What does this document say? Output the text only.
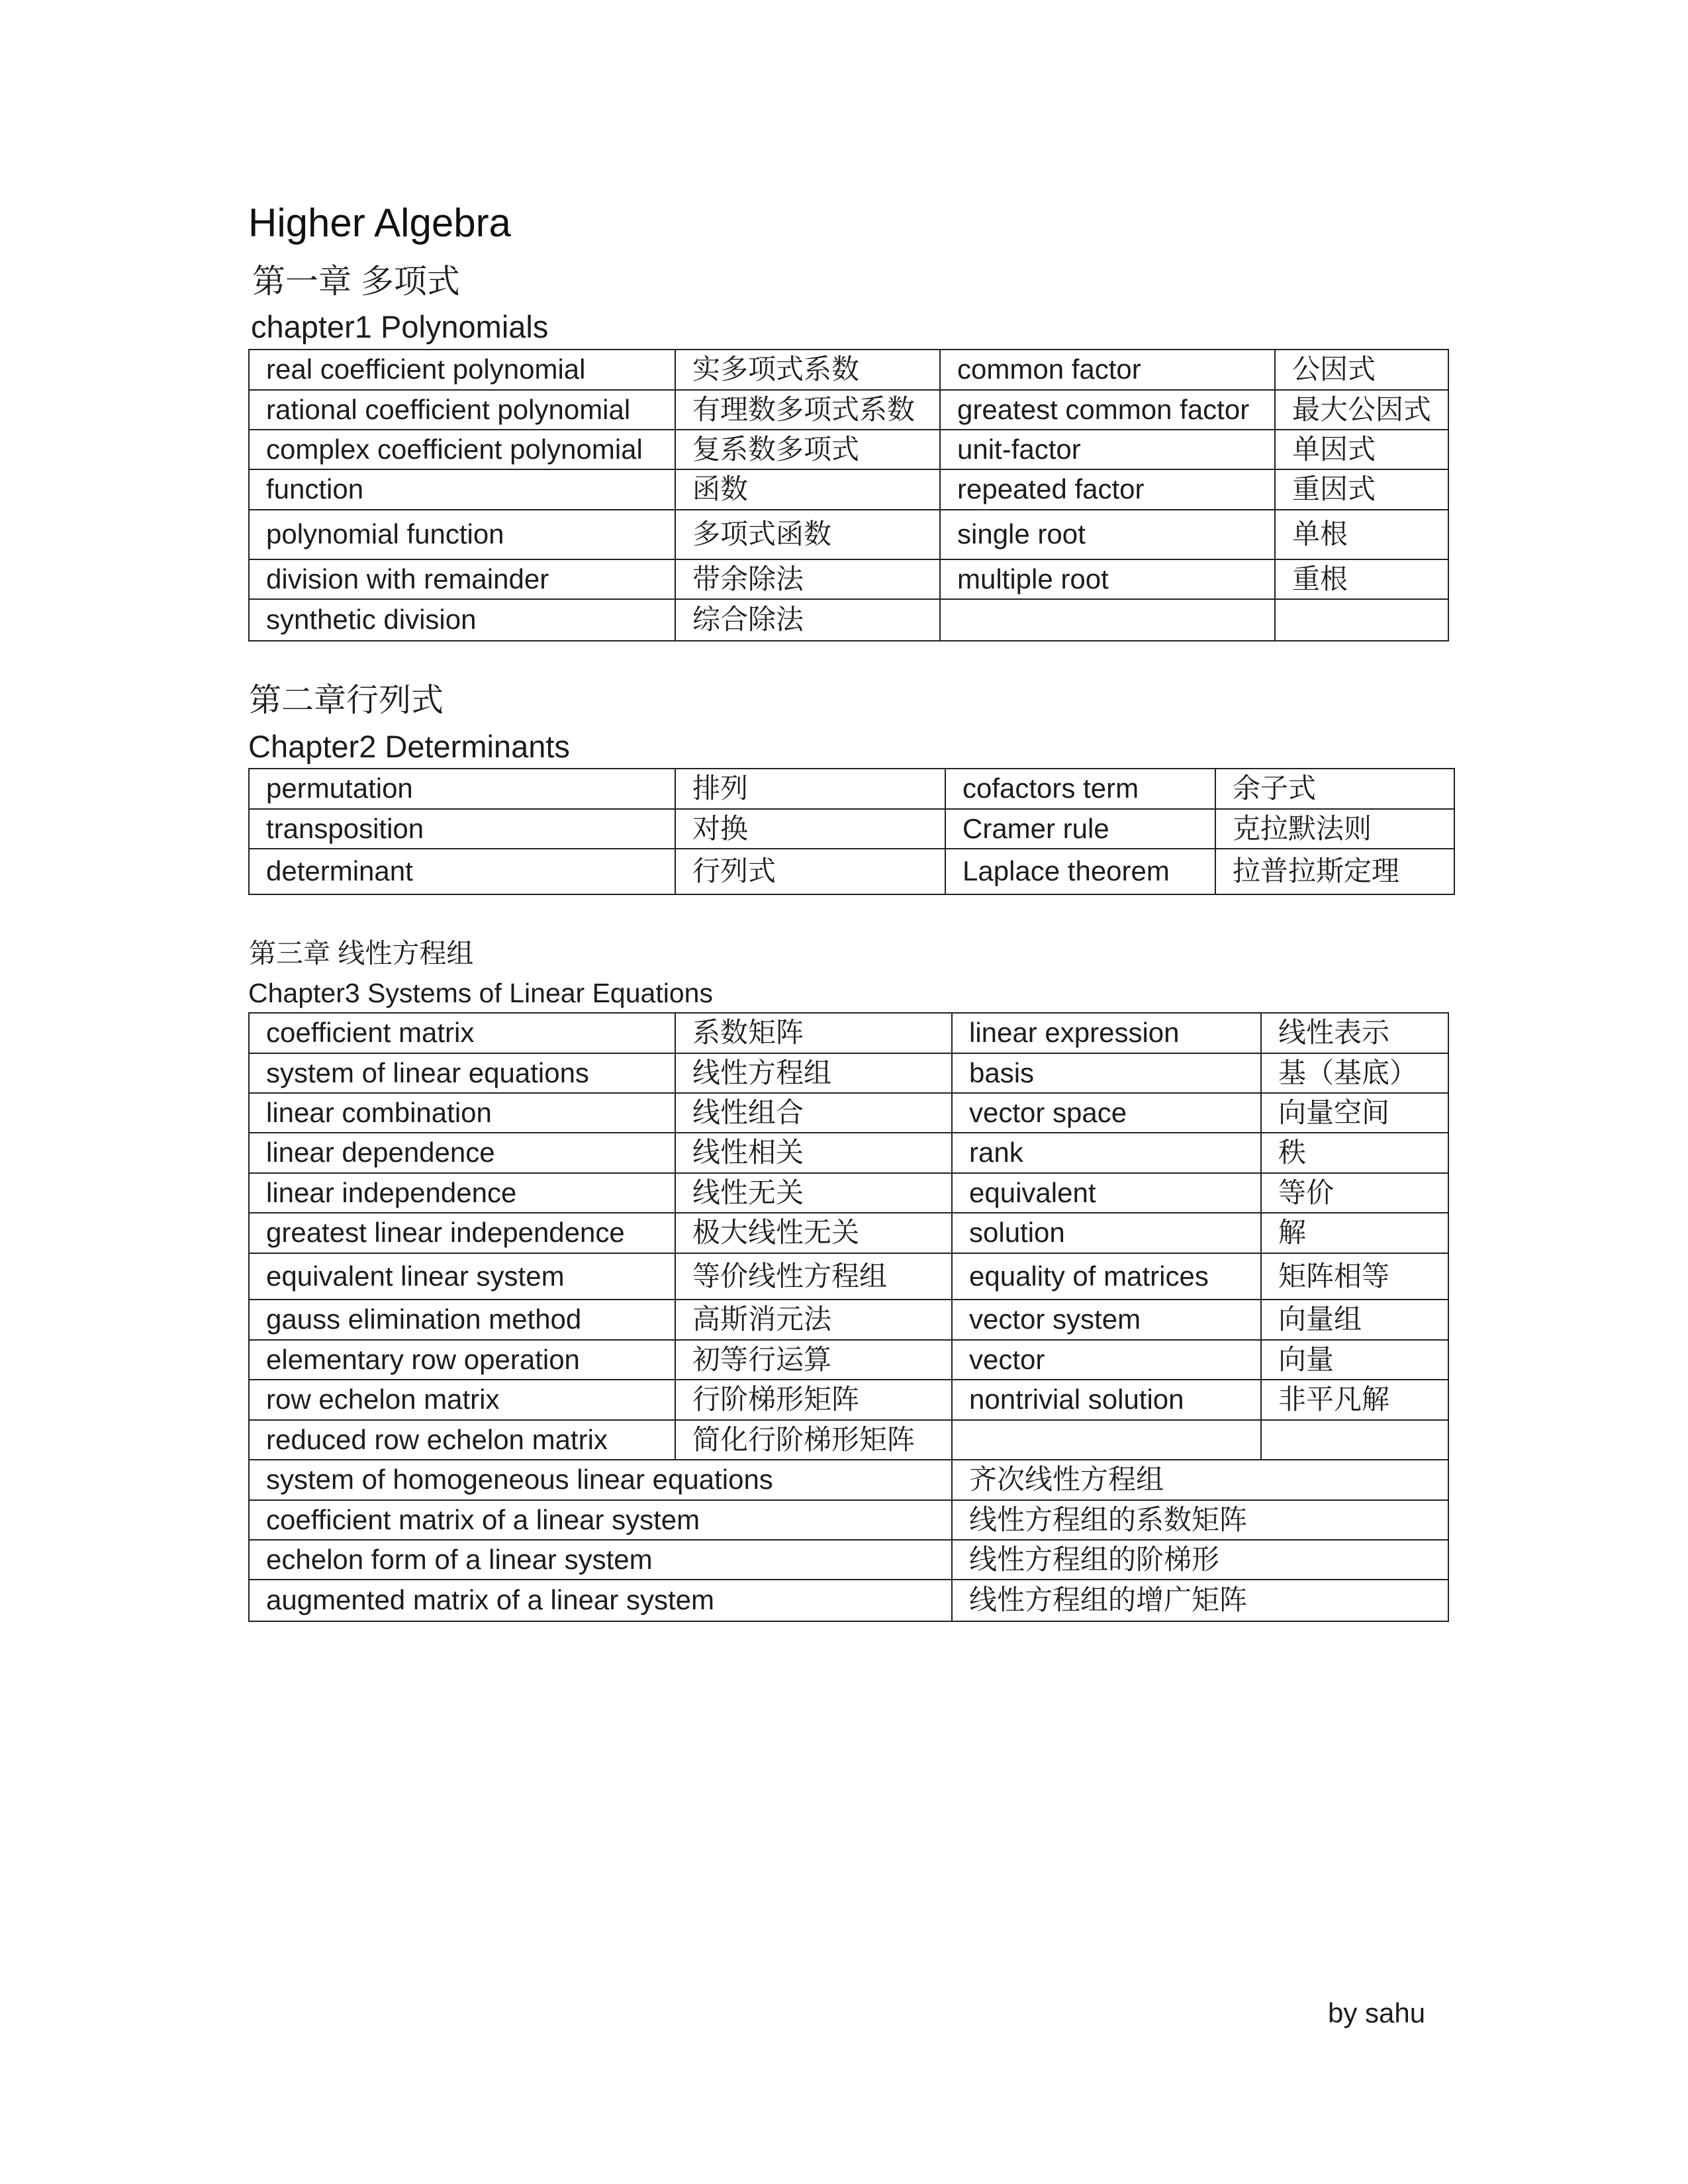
Higher Algebra
第一章 多项式
chapter1 Polynomials
real coefficient polynomial	实多项式系数	common factor	公因式
rational coefficient polynomial	有理数多项式系数	greatest common factor	最大公因式
complex coefficient polynomial	复系数多项式	unit-factor	单因式
function	函数	repeated factor	重因式
polynomial function	多项式函数	single root	单根
division with remainder	带余除法	multiple root	重根
synthetic division	综合除法		
第二章行列式
Chapter2 Determinants
permutation	排列	cofactors term	余子式
transposition	对换	Cramer rule	克拉默法则
determinant	行列式	Laplace theorem	拉普拉斯定理
第三章 线性方程组
Chapter3 Systems of Linear Equations
coefficient matrix	系数矩阵	linear expression	线性表示
system of linear equations	线性方程组	basis	基（基底）
linear combination	线性组合	vector space	向量空间
linear dependence	线性相关	rank	秩
linear independence	线性无关	equivalent	等价
greatest linear independence	极大线性无关	solution	解
equivalent linear system	等价线性方程组	equality of matrices	矩阵相等
gauss elimination method	高斯消元法	vector system	向量组
elementary row operation	初等行运算	vector	向量
row echelon matrix	行阶梯形矩阵	nontrivial solution	非平凡解
reduced row echelon matrix	简化行阶梯形矩阵		
system of homogeneous linear equations		齐次线性方程组	
coefficient matrix of a linear system		线性方程组的系数矩阵	
echelon form of a linear system		线性方程组的阶梯形	
augmented matrix of a linear system		线性方程组的增广矩阵	
by sahu
